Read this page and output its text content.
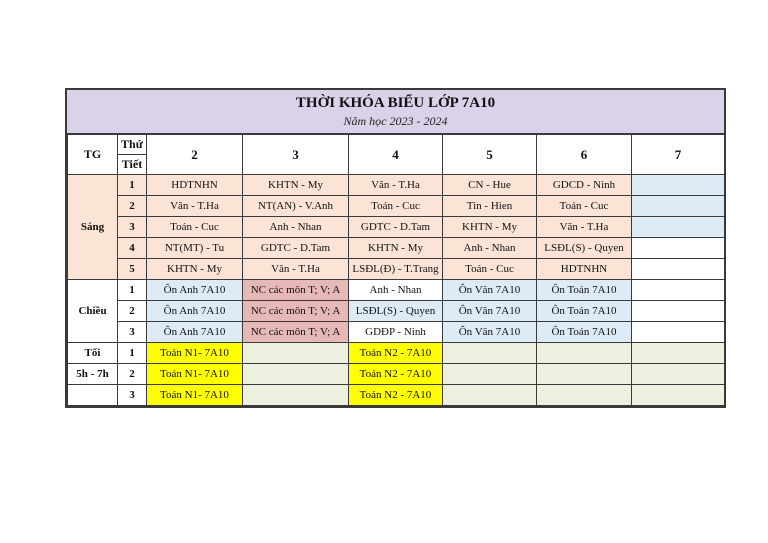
THỜI KHÓA BIỂU LỚP 7A10
Năm học 2023 - 2024
TG	Thứ	2	3	4	5	6	7
	Tiết						
Sáng	1	HDTNHN	KHTN - My	Văn - T.Ha	CN - Hue	GDCD - Ninh	
	2	Văn - T.Ha	NT(AN) - V.Anh	Toán - Cuc	Tin - Hien	Toán - Cuc	
	3	Toán - Cuc	Anh - Nhan	GDTC - D.Tam	KHTN - My	Văn - T.Ha	
	4	NT(MT) - Tu	GDTC - D.Tam	KHTN - My	Anh - Nhan	LSĐL(S) - Quyen	
	5	KHTN - My	Văn - T.Ha	LSĐL(Đ) - T.Trang	Toán - Cuc	HDTNHN	
Chiều	1	Ôn Anh 7A10	NC các môn T; V; A	Anh - Nhan	Ôn Văn 7A10	Ôn Toán 7A10	
	2	Ôn Anh 7A10	NC các môn T; V; A	LSĐL(S) - Quyen	Ôn Văn 7A10	Ôn Toán 7A10	
	3	Ôn Anh 7A10	NC các môn T; V; A	GDĐP - Ninh	Ôn Văn 7A10	Ôn Toán 7A10	
Tối	1	Toán N1- 7A10		Toán N2 - 7A10			
5h - 7h	2	Toán N1- 7A10		Toán N2 - 7A10			
	3	Toán N1- 7A10		Toán N2 - 7A10			
